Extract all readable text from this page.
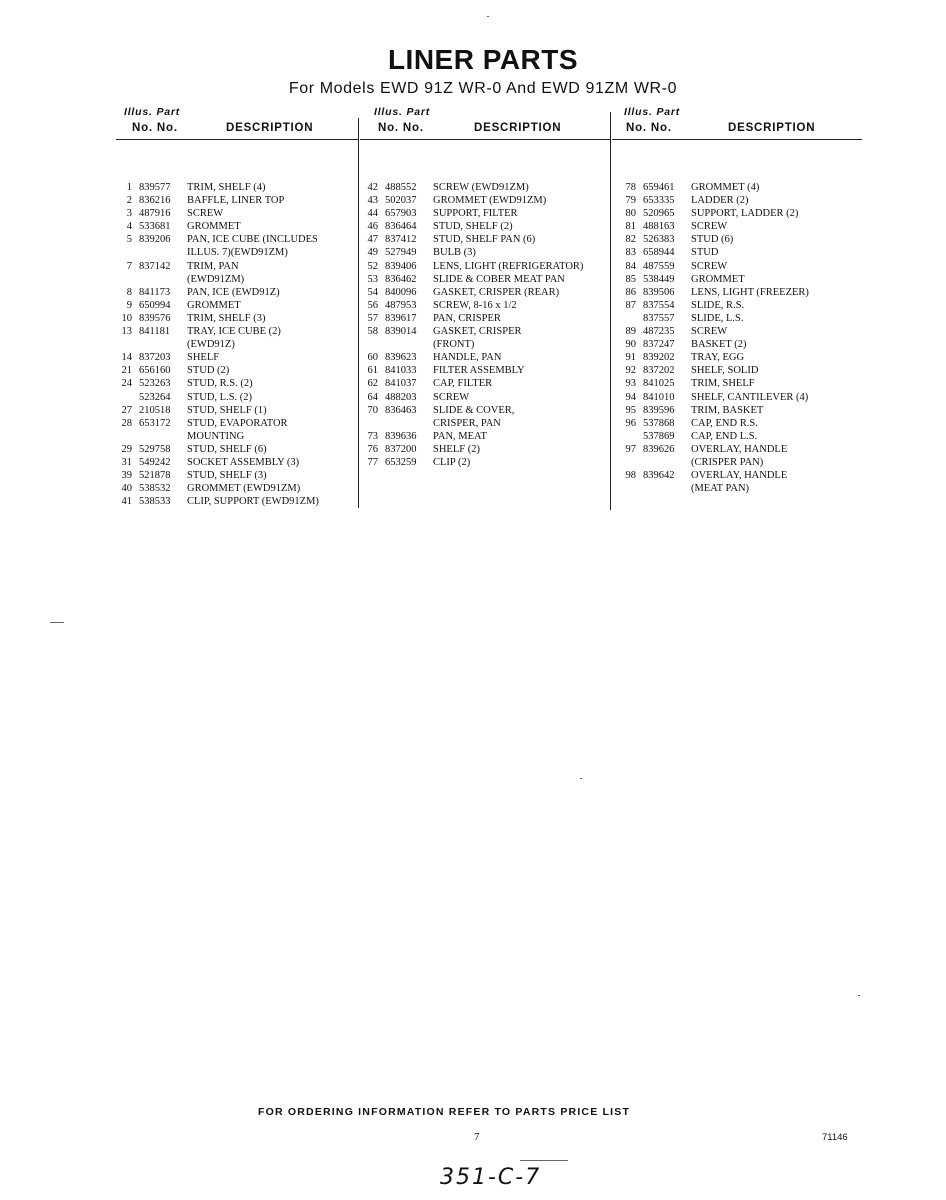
LINER PARTS
For Models EWD 91Z WR-0 And EWD 91ZM WR-0
Illus. Part
No. No.	DESCRIPTION
Illus. Part
No. No.	DESCRIPTION
Illus. Part
No. No.	DESCRIPTION
1 839577 TRIM, SHELF (4)
2 836216 BAFFLE, LINER TOP
3 487916 SCREW
4 533681 GROMMET
5 839206 PAN, ICE CUBE (INCLUDES
ILLUS. 7)(EWD91ZM)
7 837142 TRIM, PAN
(EWD91ZM)
8 841173 PAN, ICE (EWD91Z)
9 650994 GROMMET
10 839576 TRIM, SHELF (3)
13 841181 TRAY, ICE CUBE (2)
(EWD91Z)
14 837203 SHELF
21 656160 STUD (2)
24 523263 STUD, R.S. (2)
523264 STUD, L.S. (2)
27 210518 STUD, SHELF (1)
28 653172 STUD, EVAPORATOR
MOUNTING
29 529758 STUD, SHELF (6)
31 549242 SOCKET ASSEMBLY (3)
39 521878 STUD, SHELF (3)
40 538532 GROMMET (EWD91ZM)
41 538533 CLIP, SUPPORT (EWD91ZM)
42 488552 SCREW (EWD91ZM)
43 502037 GROMMET (EWD91ZM)
44 657903 SUPPORT, FILTER
46 836464 STUD, SHELF (2)
47 837412 STUD, SHELF PAN (6)
49 527949 BULB (3)
52 839406 LENS, LIGHT (REFRIGERATOR)
53 836462 SLIDE & COBER MEAT PAN
54 840096 GASKET, CRISPER (REAR)
56 487953 SCREW, 8-16 x 1/2
57 839617 PAN, CRISPER
58 839014 GASKET, CRISPER
(FRONT)
60 839623 HANDLE, PAN
61 841033 FILTER ASSEMBLY
62 841037 CAP, FILTER
64 488203 SCREW
70 836463 SLIDE & COVER,
CRISPER, PAN
73 839636 PAN, MEAT
76 837200 SHELF (2)
77 653259 CLIP (2)
78 659461 GROMMET (4)
79 653335 LADDER (2)
80 520965 SUPPORT, LADDER (2)
81 488163 SCREW
82 526383 STUD (6)
83 658944 STUD
84 487559 SCREW
85 538449 GROMMET
86 839506 LENS, LIGHT (FREEZER)
87 837554 SLIDE, R.S.
837557 SLIDE, L.S.
89 487235 SCREW
90 837247 BASKET (2)
91 839202 TRAY, EGG
92 837202 SHELF, SOLID
93 841025 TRIM, SHELF
94 841010 SHELF, CANTILEVER (4)
95 839596 TRIM, BASKET
96 537868 CAP, END R.S.
537869 CAP, END L.S.
97 839626 OVERLAY, HANDLE
(CRISPER PAN)
98 839642 OVERLAY, HANDLE
(MEAT PAN)
FOR ORDERING INFORMATION REFER TO PARTS PRICE LIST
7	71146
351-C-7
